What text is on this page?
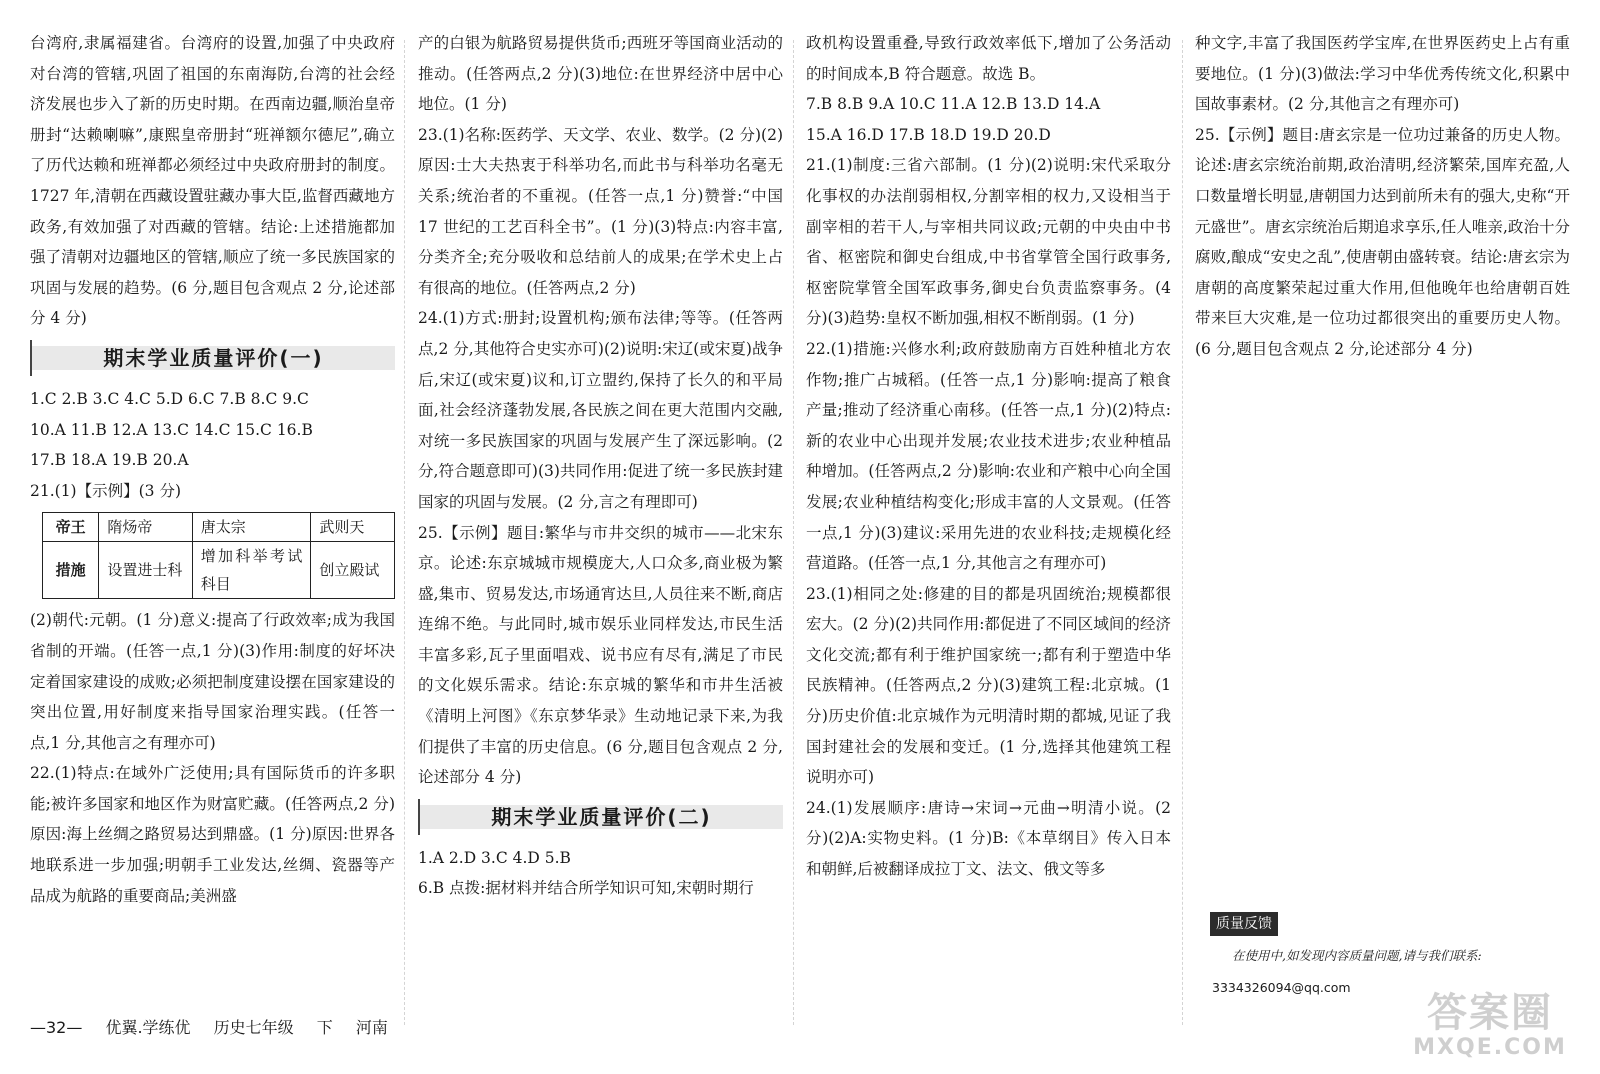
台湾府,隶属福建省。台湾府的设置,加强了中央政府对台湾的管辖,巩固了祖国的东南海防,台湾的社会经济发展也步入了新的历史时期。在西南边疆,顺治皇帝册封“达赖喇嘛”,康熙皇帝册封“班禅额尔德尼”,确立了历代达赖和班禅都必须经过中央政府册封的制度。1727 年,清朝在西藏设置驻藏办事大臣,监督西藏地方政务,有效加强了对西藏的管辖。结论:上述措施都加强了清朝对边疆地区的管辖,顺应了统一多民族国家的巩固与发展的趋势。(6 分,题目包含观点 2 分,论述部分 4 分)

期末学业质量评价(一)

1.C 2.B 3.C 4.C 5.D 6.C 7.B 8.C 9.C

10.A 11.B 12.A 13.C 14.C 15.C 16.B

17.B 18.A 19.B 20.A

21.(1)【示例】(3 分)

帝王	隋炀帝	唐太宗	武则天
措施	设置进士科	增加科举考试科目	创立殿试

(2)朝代:元朝。(1 分)意义:提高了行政效率;成为我国省制的开端。(任答一点,1 分)(3)作用:制度的好坏决定着国家建设的成败;必须把制度建设摆在国家建设的突出位置,用好制度来指导国家治理实践。(任答一点,1 分,其他言之有理亦可)

22.(1)特点:在域外广泛使用;具有国际货币的许多职能;被许多国家和地区作为财富贮藏。(任答两点,2 分)原因:海上丝绸之路贸易达到鼎盛。(1 分)原因:世界各地联系进一步加强;明朝手工业发达,丝绸、瓷器等产品成为航路的重要商品;美洲盛

产的白银为航路贸易提供货币;西班牙等国商业活动的推动。(任答两点,2 分)(3)地位:在世界经济中居中心地位。(1 分)

23.(1)名称:医药学、天文学、农业、数学。(2 分)(2)原因:士大夫热衷于科举功名,而此书与科举功名毫无关系;统治者的不重视。(任答一点,1 分)赞誉:“中国 17 世纪的工艺百科全书”。(1 分)(3)特点:内容丰富,分类齐全;充分吸收和总结前人的成果;在学术史上占有很高的地位。(任答两点,2 分)

24.(1)方式:册封;设置机构;颁布法律;等等。(任答两点,2 分,其他符合史实亦可)(2)说明:宋辽(或宋夏)战争后,宋辽(或宋夏)议和,订立盟约,保持了长久的和平局面,社会经济蓬勃发展,各民族之间在更大范围内交融,对统一多民族国家的巩固与发展产生了深远影响。(2 分,符合题意即可)(3)共同作用:促进了统一多民族封建国家的巩固与发展。(2 分,言之有理即可)

25.【示例】题目:繁华与市井交织的城市——北宋东京。论述:东京城城市规模庞大,人口众多,商业极为繁盛,集市、贸易发达,市场通宵达旦,人员往来不断,商店连绵不绝。与此同时,城市娱乐业同样发达,市民生活丰富多彩,瓦子里面唱戏、说书应有尽有,满足了市民的文化娱乐需求。结论:东京城的繁华和市井生活被《清明上河图》《东京梦华录》生动地记录下来,为我们提供了丰富的历史信息。(6 分,题目包含观点 2 分,论述部分 4 分)

期末学业质量评价(二)

1.A 2.D 3.C 4.D 5.B

6.B 点拨:据材料并结合所学知识可知,宋朝时期行

政机构设置重叠,导致行政效率低下,增加了公务活动的时间成本,B 符合题意。故选 B。

7.B 8.B 9.A 10.C 11.A 12.B 13.D 14.A

15.A 16.D 17.B 18.D 19.D 20.D

21.(1)制度:三省六部制。(1 分)(2)说明:宋代采取分化事权的办法削弱相权,分割宰相的权力,又设相当于副宰相的若干人,与宰相共同议政;元朝的中央由中书省、枢密院和御史台组成,中书省掌管全国行政事务,枢密院掌管全国军政事务,御史台负责监察事务。(4 分)(3)趋势:皇权不断加强,相权不断削弱。(1 分)

22.(1)措施:兴修水利;政府鼓励南方百姓种植北方农作物;推广占城稻。(任答一点,1 分)影响:提高了粮食产量;推动了经济重心南移。(任答一点,1 分)(2)特点:新的农业中心出现并发展;农业技术进步;农业种植品种增加。(任答两点,2 分)影响:农业和产粮中心向全国发展;农业种植结构变化;形成丰富的人文景观。(任答一点,1 分)(3)建议:采用先进的农业科技;走规模化经营道路。(任答一点,1 分,其他言之有理亦可)

23.(1)相同之处:修建的目的都是巩固统治;规模都很宏大。(2 分)(2)共同作用:都促进了不同区域间的经济文化交流;都有利于维护国家统一;都有利于塑造中华民族精神。(任答两点,2 分)(3)建筑工程:北京城。(1 分)历史价值:北京城作为元明清时期的都城,见证了我国封建社会的发展和变迁。(1 分,选择其他建筑工程说明亦可)

24.(1)发展顺序:唐诗→宋词→元曲→明清小说。(2 分)(2)A:实物史料。(1 分)B:《本草纲目》传入日本和朝鲜,后被翻译成拉丁文、法文、俄文等多

种文字,丰富了我国医药学宝库,在世界医药史上占有重要地位。(1 分)(3)做法:学习中华优秀传统文化,积累中国故事素材。(2 分,其他言之有理亦可)

25.【示例】题目:唐玄宗是一位功过兼备的历史人物。论述:唐玄宗统治前期,政治清明,经济繁荣,国库充盈,人口数量增长明显,唐朝国力达到前所未有的强大,史称“开元盛世”。唐玄宗统治后期追求享乐,任人唯亲,政治十分腐败,酿成“安史之乱”,使唐朝由盛转衰。结论:唐玄宗为唐朝的高度繁荣起过重大作用,但他晚年也给唐朝百姓带来巨大灾难,是一位功过都很突出的重要历史人物。(6 分,题目包含观点 2 分,论述部分 4 分)

质量反馈
在使用中,如发现内容质量问题,请与我们联系:
3334326094@qq.com
—32— 优翼.学练优 历史七年级 下 河南	答案圈
MXQE.COM
